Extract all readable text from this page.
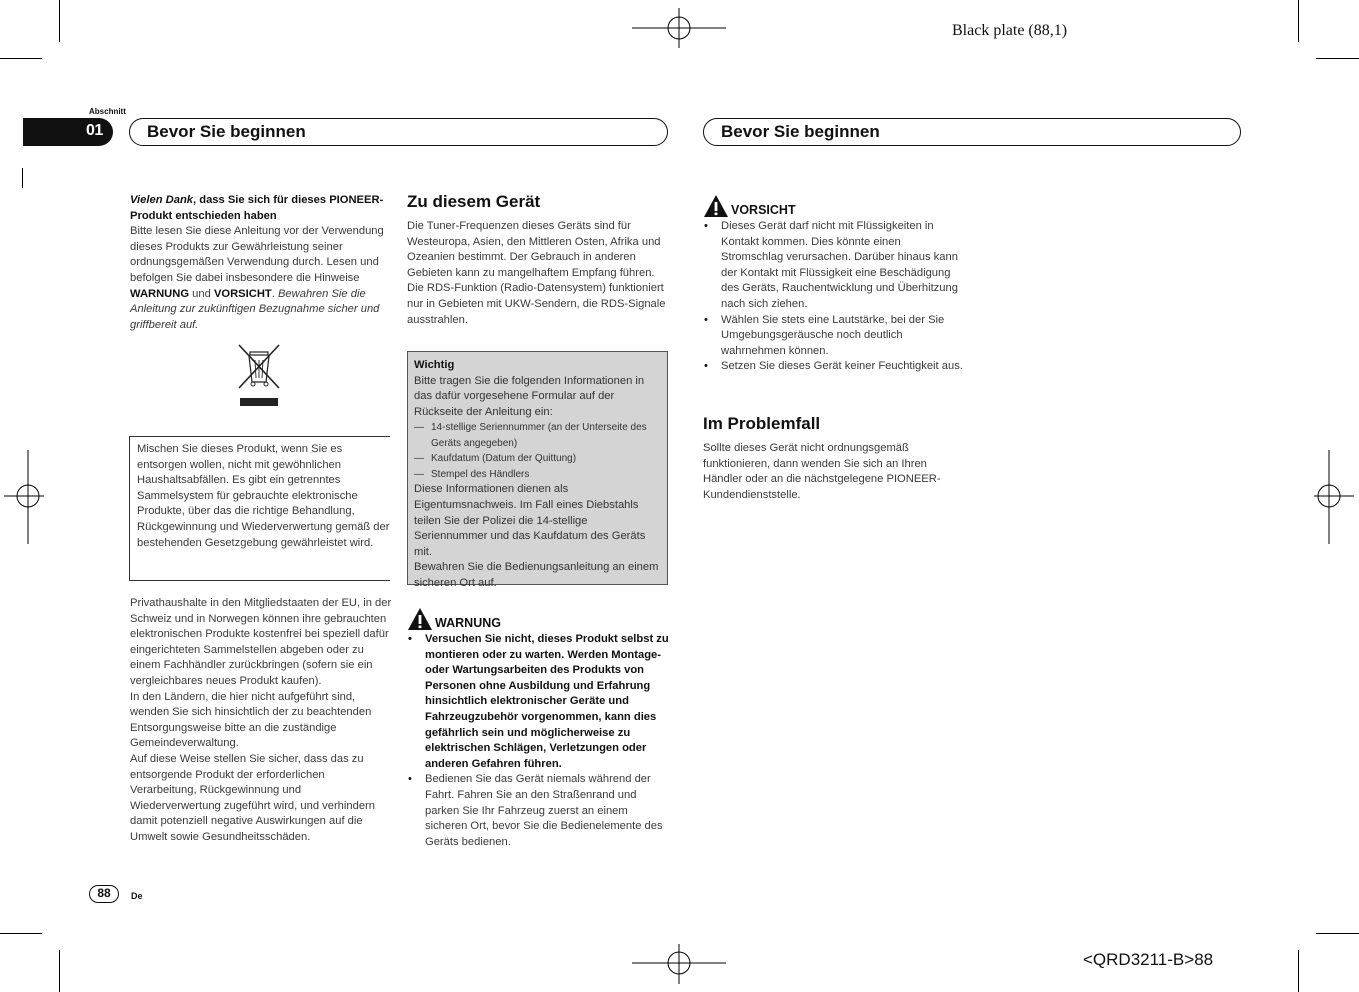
Black plate (88,1)
<QRD3211-B>88
Abschnitt
01	Bevor Sie beginnen	Bevor Sie beginnen

Vielen Dank, dass Sie sich für dieses PIONEER-Produkt entschieden haben

Bitte lesen Sie diese Anleitung vor der Verwendung dieses Produkts zur Gewährleistung seiner ordnungsgemäßen Verwendung durch. Lesen und befolgen Sie dabei insbesondere die Hinweise WARNUNG und VORSICHT. Bewahren Sie die Anleitung zur zukünftigen Bezugnahme sicher und griffbereit auf.

Mischen Sie dieses Produkt, wenn Sie es entsorgen wollen, nicht mit gewöhnlichen Haushaltsabfällen. Es gibt ein getrenntes Sammelsystem für gebrauchte elektronische Produkte, über das die richtige Behandlung, Rückgewinnung und Wiederverwertung gemäß der bestehenden Gesetzgebung gewährleistet wird.

Privathaushalte in den Mitgliedstaaten der EU, in der Schweiz und in Norwegen können ihre gebrauchten elektronischen Produkte kostenfrei bei speziell dafür eingerichteten Sammelstellen abgeben oder zu einem Fachhändler zurückbringen (sofern sie ein vergleichbares neues Produkt kaufen).

In den Ländern, die hier nicht aufgeführt sind, wenden Sie sich hinsichtlich der zu beachtenden Entsorgungsweise bitte an die zuständige Gemeindeverwaltung.

Auf diese Weise stellen Sie sicher, dass das zu entsorgende Produkt der erforderlichen Verarbeitung, Rückgewinnung und Wiederverwertung zugeführt wird, und verhindern damit potenziell negative Auswirkungen auf die Umwelt sowie Gesundheitsschäden.

Zu diesem Gerät
Die Tuner-Frequenzen dieses Geräts sind für Westeuropa, Asien, den Mittleren Osten, Afrika und Ozeanien bestimmt. Der Gebrauch in anderen Gebieten kann zu mangelhaftem Empfang führen. Die RDS-Funktion (Radio-Datensystem) funktioniert nur in Gebieten mit UKW-Sendern, die RDS-Signale ausstrahlen.
Wichtig
Bitte tragen Sie die folgenden Informationen in das dafür vorgesehene Formular auf der Rückseite der Anleitung ein:
— 14-stellige Seriennummer (an der Unterseite des Geräts angegeben)
— Kaufdatum (Datum der Quittung)
— Stempel des Händlers
Diese Informationen dienen als Eigentumsnachweis. Im Fall eines Diebstahls teilen Sie der Polizei die 14-stellige Seriennummer und das Kaufdatum des Geräts mit.
Bewahren Sie die Bedienungsanleitung an einem sicheren Ort auf.
WARNUNG
• Versuchen Sie nicht, dieses Produkt selbst zu montieren oder zu warten. Werden Montage- oder Wartungsarbeiten des Produkts von Personen ohne Ausbildung und Erfahrung hinsichtlich elektronischer Geräte und Fahrzeugzubehör vorgenommen, kann dies gefährlich sein und möglicherweise zu elektrischen Schlägen, Verletzungen oder anderen Gefahren führen.
• Bedienen Sie das Gerät niemals während der Fahrt. Fahren Sie an den Straßenrand und parken Sie Ihr Fahrzeug zuerst an einem sicheren Ort, bevor Sie die Bedienelemente des Geräts bedienen.
VORSICHT
• Dieses Gerät darf nicht mit Flüssigkeiten in Kontakt kommen. Dies könnte einen Stromschlag verursachen. Darüber hinaus kann der Kontakt mit Flüssigkeit eine Beschädigung des Geräts, Rauchentwicklung und Überhitzung nach sich ziehen.
• Wählen Sie stets eine Lautstärke, bei der Sie Umgebungsgeräusche noch deutlich wahrnehmen können.
• Setzen Sie dieses Gerät keiner Feuchtigkeit aus.
Im Problemfall
Sollte dieses Gerät nicht ordnungsgemäß funktionieren, dann wenden Sie sich an Ihren Händler oder an die nächstgelegene PIONEER-Kundendienststelle.
88	De
